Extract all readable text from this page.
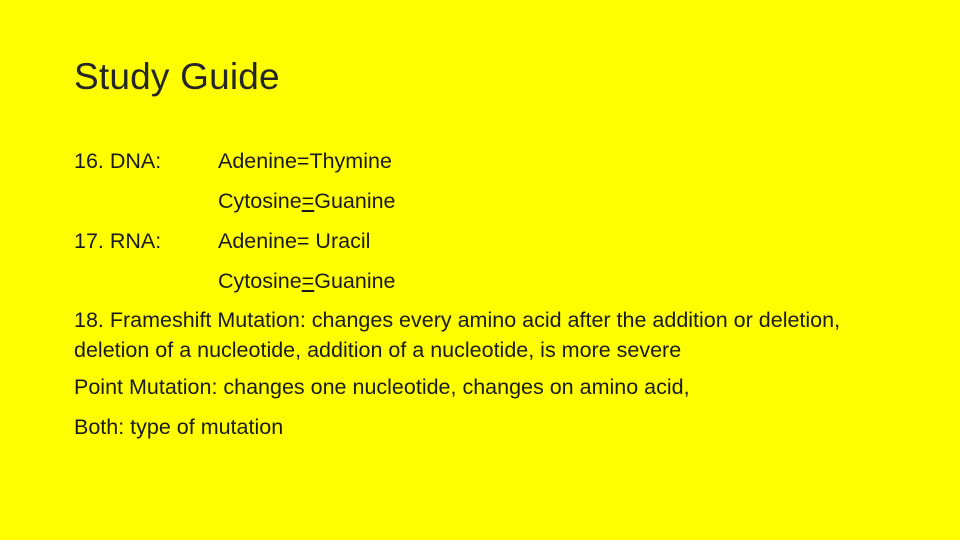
Study Guide
16. DNA:	Adenine=Thymine
Cytosine=Guanine
17. RNA:	Adenine= Uracil
Cytosine=Guanine
18. Frameshift Mutation: changes every amino acid after the addition or deletion, deletion of a nucleotide, addition of a nucleotide, is more severe
Point Mutation: changes one nucleotide, changes on amino acid,
Both: type of mutation
